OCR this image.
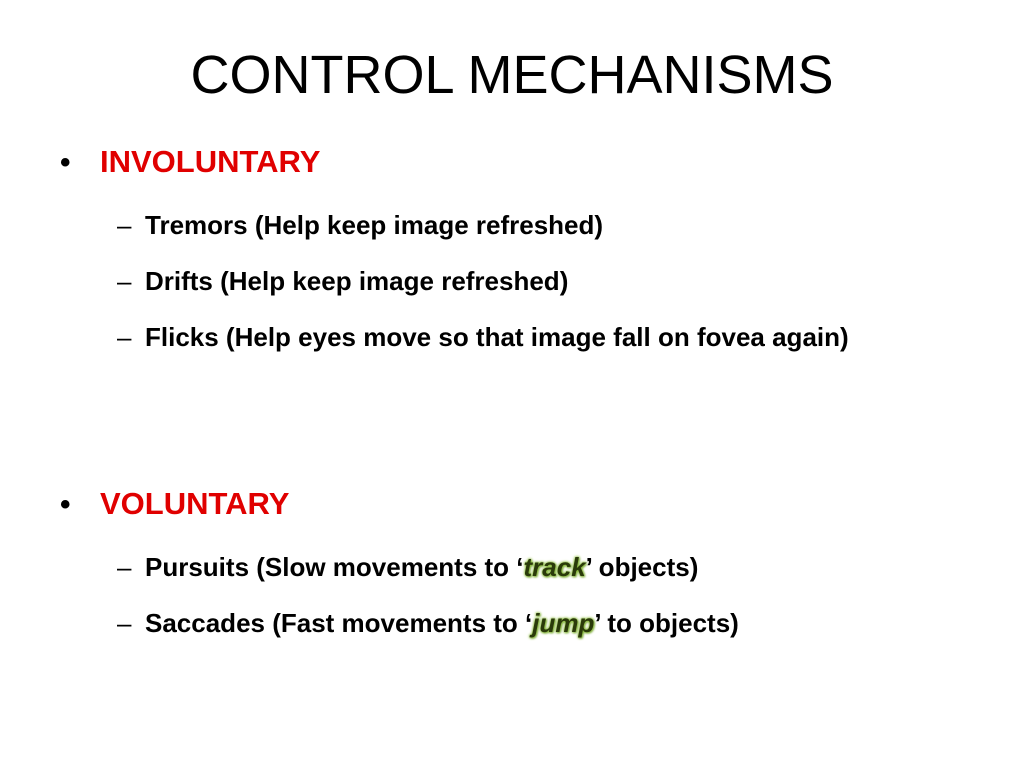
CONTROL MECHANISMS
• INVOLUNTARY
– Tremors (Help keep image refreshed)
– Drifts (Help keep image refreshed)
– Flicks (Help eyes move so that image fall on fovea again)
• VOLUNTARY
– Pursuits (Slow movements to ‘track’ objects)
– Saccades (Fast movements to ‘jump’ to objects)
